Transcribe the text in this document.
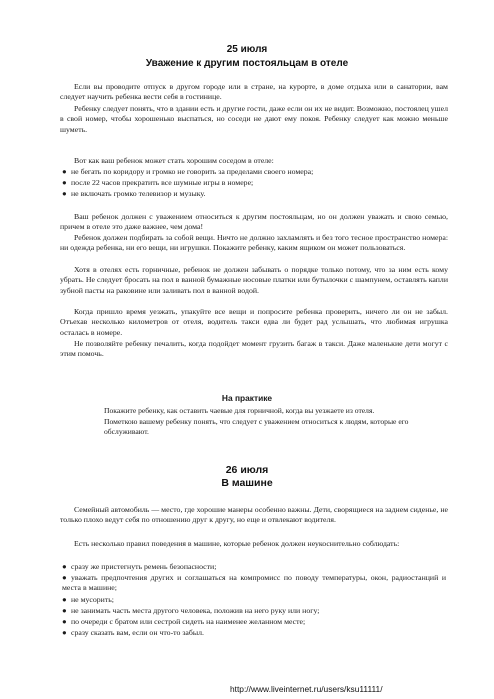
25 июля
Уважение к другим постояльцам в отеле

Если вы проводите отпуск в другом городе или в стране, на курорте, в доме отдыха или в санатории, вам следует научить ребенка вести себя в гостинице.

Ребенку следует понять, что в здании есть и другие гости, даже если он их не видит. Возможно, постоялец ушел в свой номер, чтобы хорошенько выспаться, но соседи не дают ему покоя. Ребенку следует как можно меньше шуметь.

Вот как ваш ребенок может стать хорошим соседом в отеле:

● не бегать по коридору и громко не говорить за пределами своего номера;

● после 22 часов прекратить все шумные игры в номере;

● не включать громко телевизор и музыку.

Ваш ребенок должен с уважением относиться к другим постояльцам, но он должен уважать и свою семью, причем в отеле это даже важнее, чем дома!

Ребенок должен подбирать за собой вещи. Ничто не должно захламлять и без того тесное пространство номера: ни одежда ребенка, ни его вещи, ни игрушки. Покажите ребенку, каким ящиком он может пользоваться.

Хотя в отелях есть горничные, ребенок не должен забывать о порядке только потому, что за ним есть кому убрать. Не следует бросать на пол в ванной бумажные носовые платки или бутылочки с шампунем, оставлять капли зубной пасты на раковине или заливать пол в ванной водой.

Когда пришло время уезжать, упакуйте все вещи и попросите ребенка проверить, ничего ли он не забыл. Отъехав несколько километров от отеля, водитель такси едва ли будет рад услышать, что любимая игрушка осталась в номере.

Не позволяйте ребенку печалить, когда подойдет момент грузить багаж в такси. Даже маленькие дети могут с этим помочь.

На практике

Покажите ребенку, как оставить чаевые для горничной, когда вы уезжаете из отеля.

Пометкою вашему ребенку понять, что следует с уважением относиться к людям, которые его обслуживают.

26 июля
В машине

Семейный автомобиль — место, где хорошие манеры особенно важны. Дети, сворящиеся на заднем сиденье, не только плохо ведут себя по отношению друг к другу, но еще и отвлекают водителя.

Есть несколько правил поведения в машине, которые ребенок должен неукоснительно соблюдать:

● сразу же пристегнуть ремень безопасности;

● уважать предпочтения других и соглашаться на компромисс по поводу температуры, окон, радиостанций и места в машине;

● не мусорить;

● не занимать часть места другого человека, положив на него руку или ногу;

● по очереди с братом или сестрой сидеть на наименее желанном месте;

● сразу сказать вам, если он что-то забыл.

http://www.liveinternet.ru/users/ksu11111/
